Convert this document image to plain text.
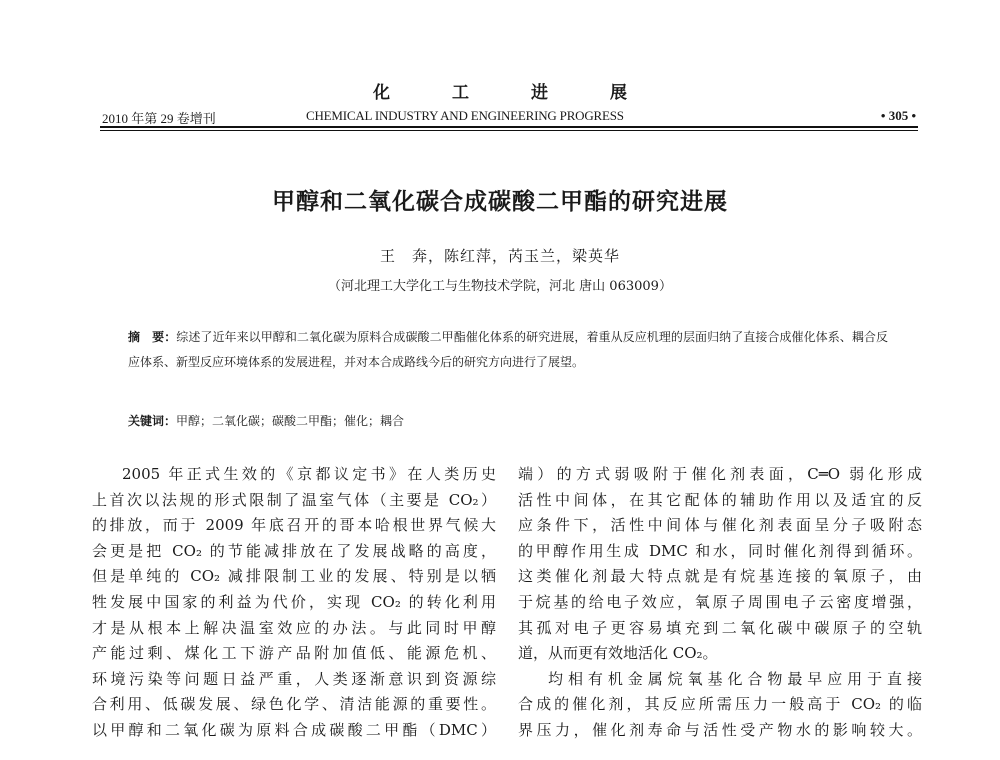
化	工	进	展
2010 年第 29 卷增刊	CHEMICAL INDUSTRY AND ENGINEERING PROGRESS	• 305 •
甲醇和二氧化碳合成碳酸二甲酯的研究进展
王　奔，陈红萍，芮玉兰，梁英华
（河北理工大学化工与生物技术学院，河北 唐山 063009）
摘　要：综述了近年来以甲醇和二氧化碳为原料合成碳酸二甲酯催化体系的研究进展，着重从反应机理的层面归纳了直接合成催化体系、耦合反应体系、新型反应环境体系的发展进程，并对本合成路线今后的研究方向进行了展望。
关键词：甲醇；二氧化碳；碳酸二甲酯；催化；耦合
2005 年正式生效的《京都议定书》在人类历史
上首次以法规的形式限制了温室气体（主要是 CO₂）
的排放，而于 2009 年底召开的哥本哈根世界气候大
会更是把 CO₂ 的节能减排放在了发展战略的高度，
但是单纯的 CO₂ 减排限制工业的发展、特别是以牺
牲发展中国家的利益为代价，实现 CO₂ 的转化利用
才是从根本上解决温室效应的办法。与此同时甲醇
产能过剩、煤化工下游产品附加值低、能源危机、
环境污染等问题日益严重，人类逐渐意识到资源综
合利用、低碳发展、绿色化学、清洁能源的重要性。
以甲醇和二氧化碳为原料合成碳酸二甲酯（DMC）
端）的方式弱吸附于催化剂表面，C═O 弱化形成
活性中间体，在其它配体的辅助作用以及适宜的反
应条件下，活性中间体与催化剂表面呈分子吸附态
的甲醇作用生成 DMC 和水，同时催化剂得到循环。
这类催化剂最大特点就是有烷基连接的氧原子，由
于烷基的给电子效应，氧原子周围电子云密度增强，
其孤对电子更容易填充到二氧化碳中碳原子的空轨
道，从而更有效地活化 CO₂。
均相有机金属烷氧基化合物最早应用于直接
合成的催化剂，其反应所需压力一般高于 CO₂ 的临
界压力，催化剂寿命与活性受产物水的影响较大。
